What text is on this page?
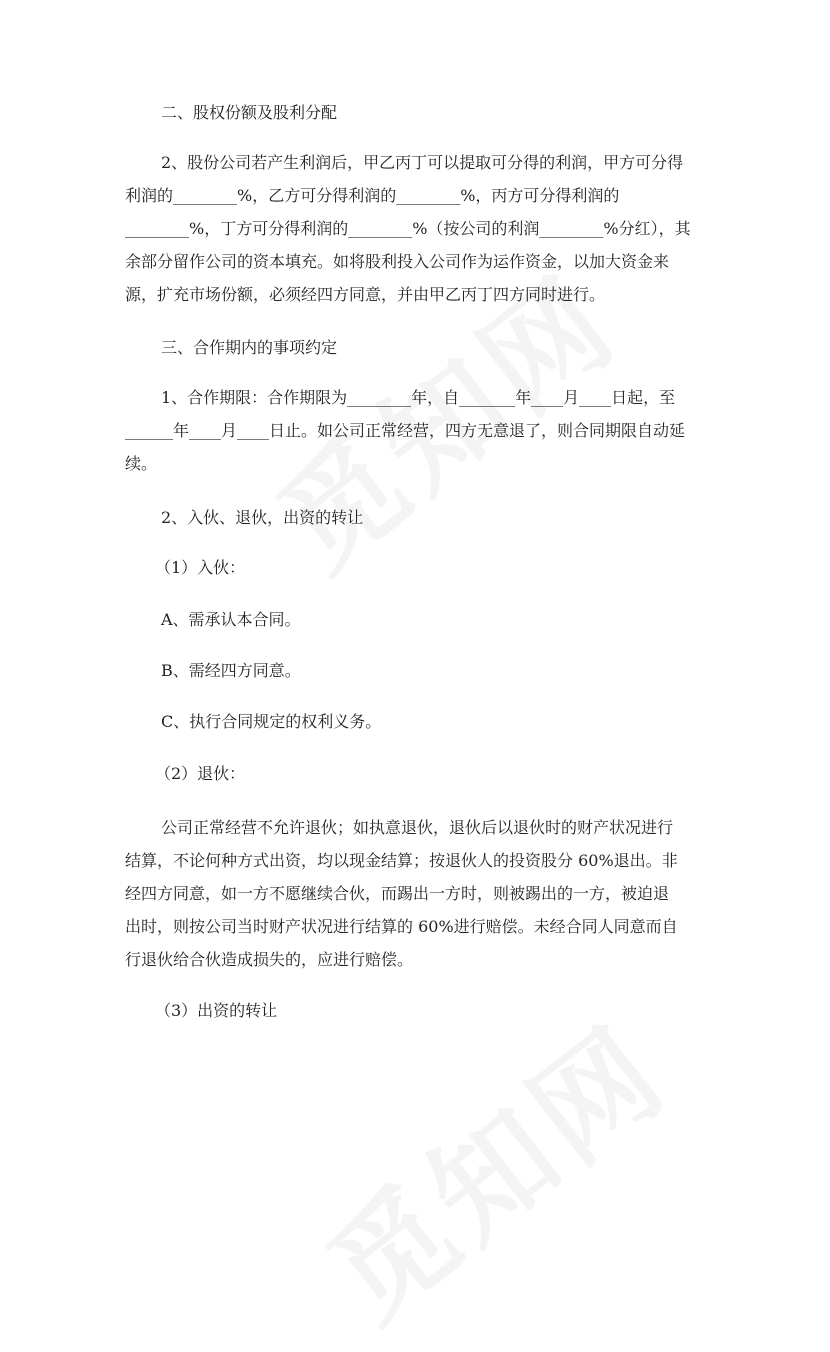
二、股权份额及股利分配
2、股份公司若产生利润后，甲乙丙丁可以提取可分得的利润，甲方可分得
利润的________%，乙方可分得利润的________%，丙方可分得利润的
________%，丁方可分得利润的________%（按公司的利润________%分红），其
余部分留作公司的资本填充。如将股利投入公司作为运作资金，以加大资金来
源，扩充市场份额，必须经四方同意，并由甲乙丙丁四方同时进行。
三、合作期内的事项约定
1、合作期限：合作期限为________年，自_______年____月____日起，至
______年____月____日止。如公司正常经营，四方无意退了，则合同期限自动延
续。
2、入伙、退伙，出资的转让
（1）入伙：
A、需承认本合同。
B、需经四方同意。
C、执行合同规定的权利义务。
（2）退伙：
公司正常经营不允许退伙；如执意退伙，退伙后以退伙时的财产状况进行
结算，不论何种方式出资，均以现金结算；按退伙人的投资股分 60%退出。非
经四方同意，如一方不愿继续合伙，而踢出一方时，则被踢出的一方，被迫退
出时，则按公司当时财产状况进行结算的 60%进行赔偿。未经合同人同意而自
行退伙给合伙造成损失的，应进行赔偿。
（3）出资的转让
